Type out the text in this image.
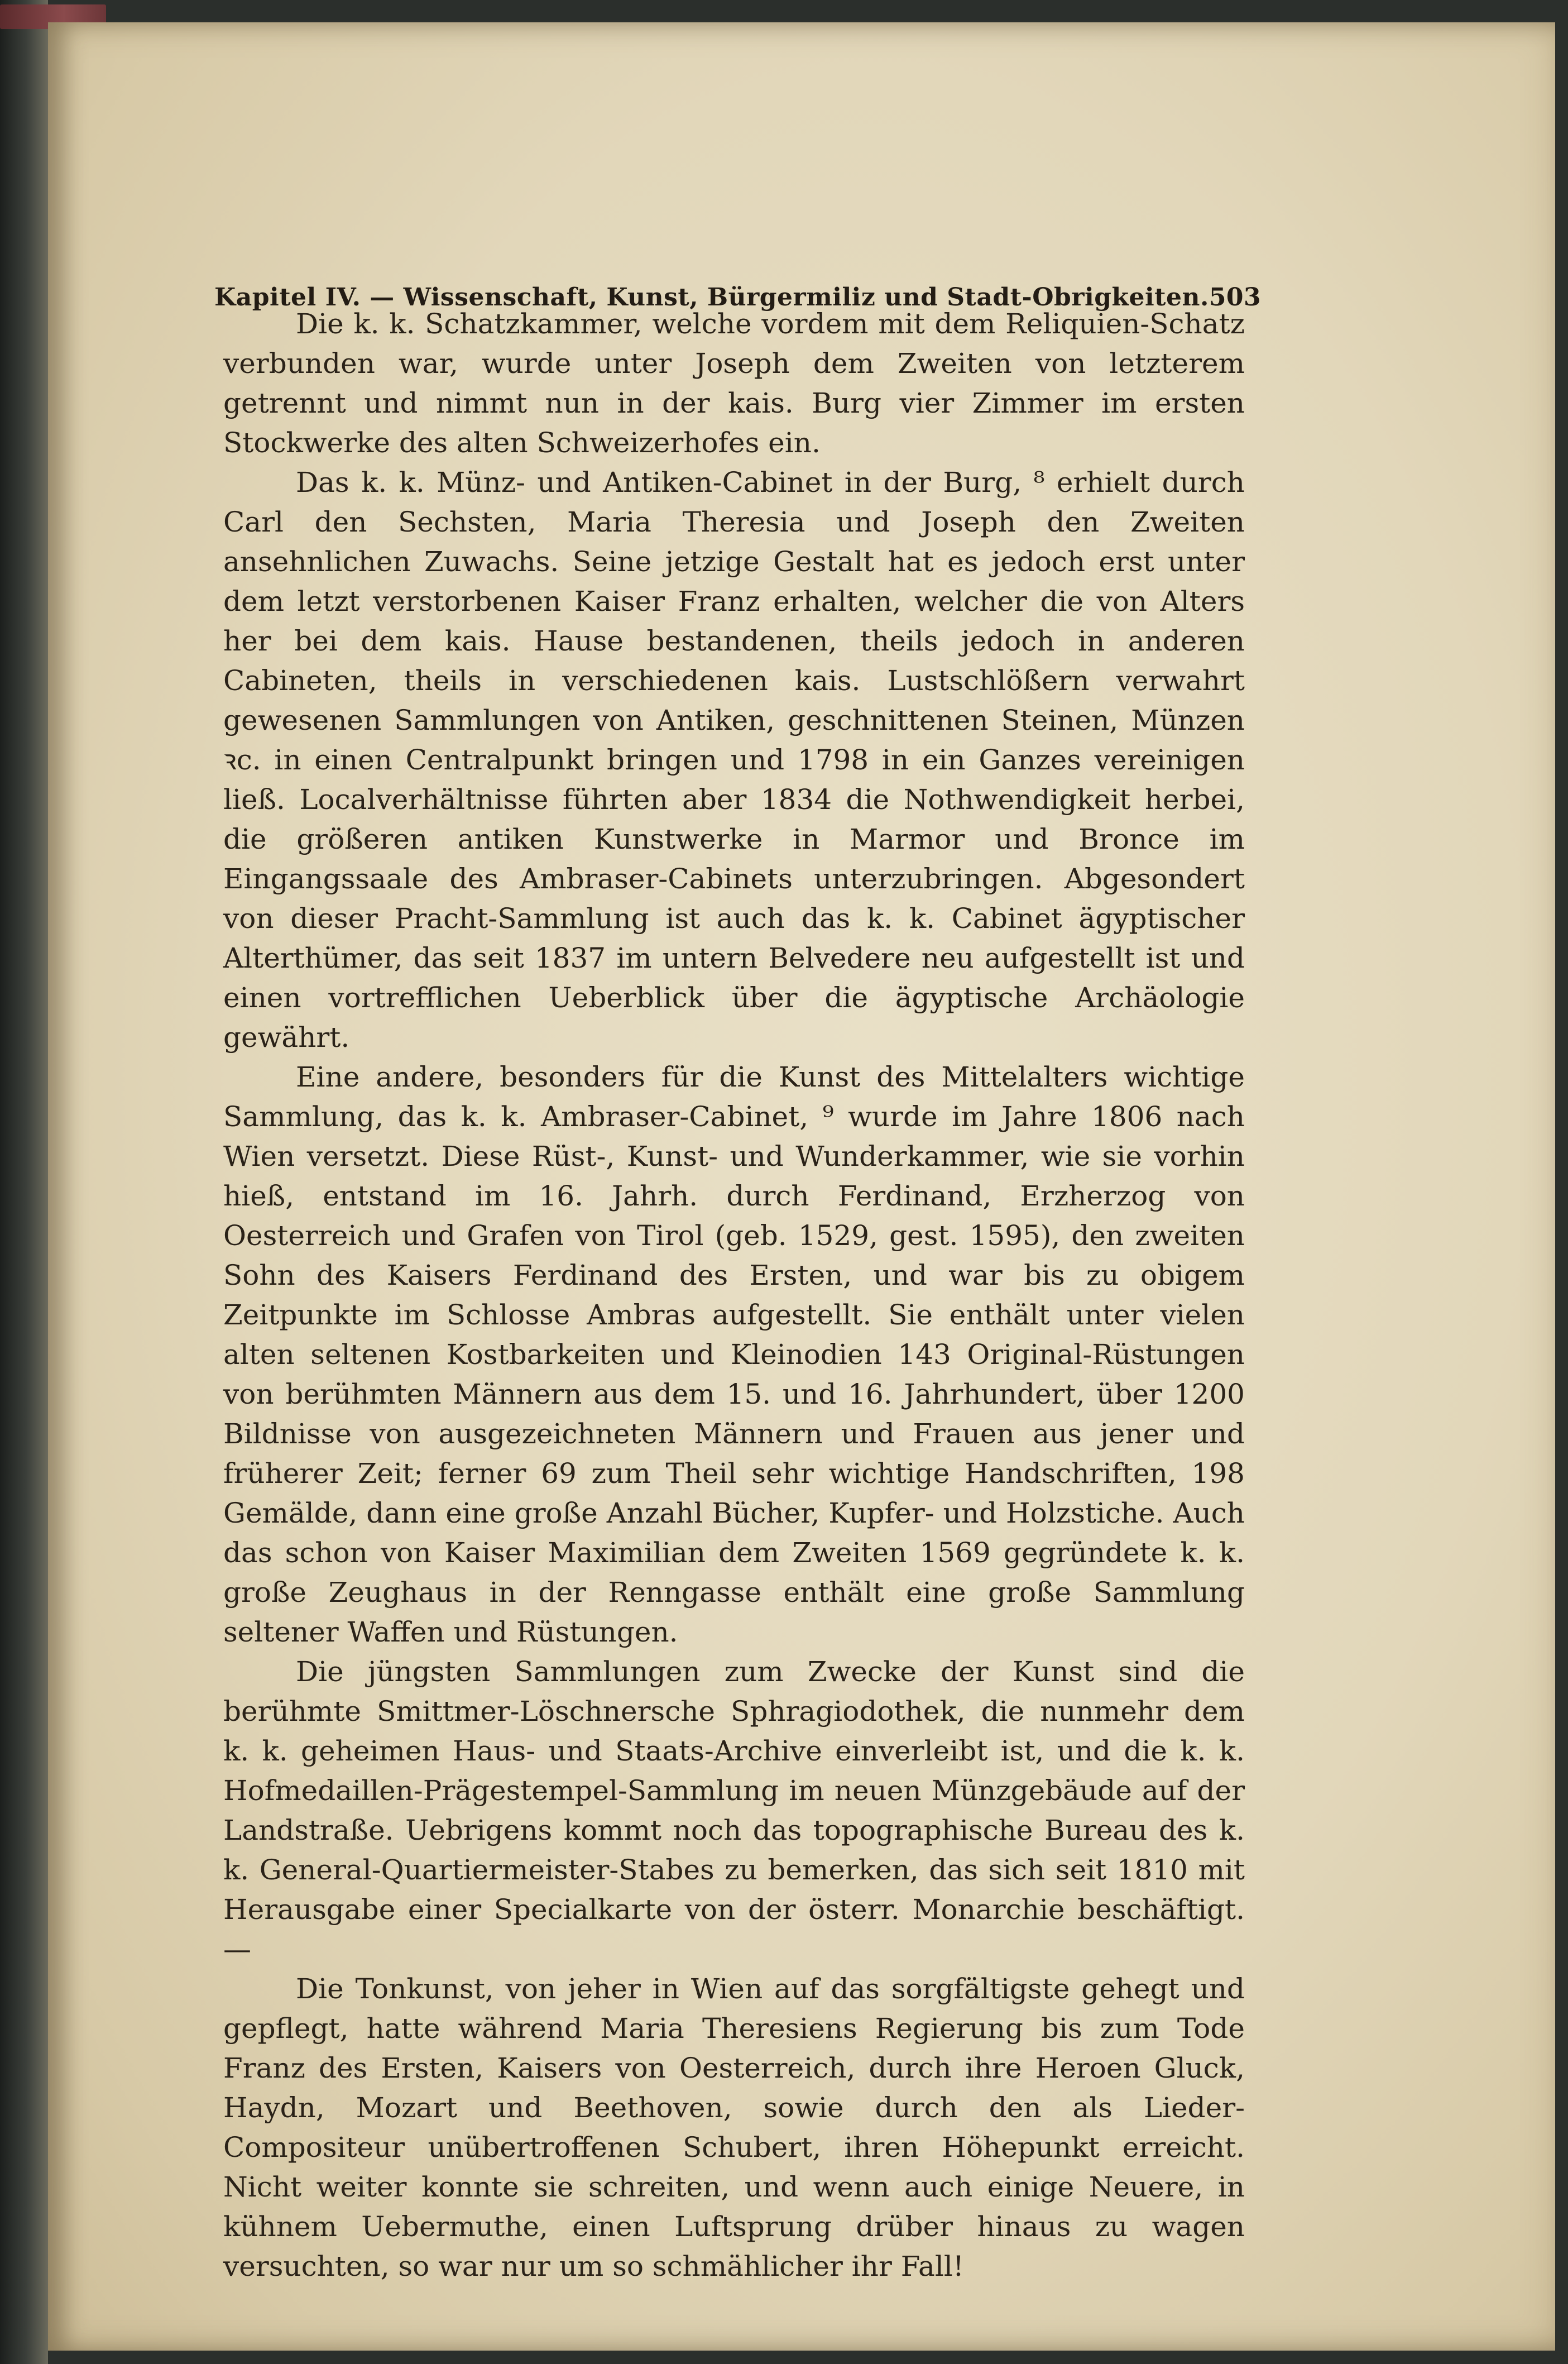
Kapitel IV. — Wissenschaft, Kunst, Bürgermiliz und Stadt-Obrigkeiten. 503

Die k. k. Schatzkammer, welche vordem mit dem Reliquien-Schatz verbunden war, wurde unter Joseph dem Zweiten von letzterem getrennt und nimmt nun in der kais. Burg vier Zimmer im ersten Stockwerke des alten Schweizerhofes ein.

Das k. k. Münz- und Antiken-Cabinet in der Burg, ⁸ erhielt durch Carl den Sechsten, Maria Theresia und Joseph den Zweiten ansehnlichen Zuwachs. Seine jetzige Gestalt hat es jedoch erst unter dem letzt verstorbenen Kaiser Franz erhalten, welcher die von Alters her bei dem kais. Hause bestandenen, theils jedoch in anderen Cabineten, theils in verschiedenen kais. Lustschlößern verwahrt gewesenen Sammlungen von Antiken, geschnittenen Steinen, Münzen ꝛc. in einen Centralpunkt bringen und 1798 in ein Ganzes vereinigen ließ. Localverhältnisse führten aber 1834 die Nothwendigkeit herbei, die größeren antiken Kunstwerke in Marmor und Bronce im Eingangssaale des Ambraser-Cabinets unterzubringen. Abgesondert von dieser Pracht-Sammlung ist auch das k. k. Cabinet ägyptischer Alterthümer, das seit 1837 im untern Belvedere neu aufgestellt ist und einen vortrefflichen Ueberblick über die ägyptische Archäologie gewährt.

Eine andere, besonders für die Kunst des Mittelalters wichtige Sammlung, das k. k. Ambraser-Cabinet, ⁹ wurde im Jahre 1806 nach Wien versetzt. Diese Rüst-, Kunst- und Wunderkammer, wie sie vorhin hieß, entstand im 16. Jahrh. durch Ferdinand, Erzherzog von Oesterreich und Grafen von Tirol (geb. 1529, gest. 1595), den zweiten Sohn des Kaisers Ferdinand des Ersten, und war bis zu obigem Zeitpunkte im Schlosse Ambras aufgestellt. Sie enthält unter vielen alten seltenen Kostbarkeiten und Kleinodien 143 Original-Rüstungen von berühmten Männern aus dem 15. und 16. Jahrhundert, über 1200 Bildnisse von ausgezeichneten Männern und Frauen aus jener und früherer Zeit; ferner 69 zum Theil sehr wichtige Handschriften, 198 Gemälde, dann eine große Anzahl Bücher, Kupfer- und Holzstiche. Auch das schon von Kaiser Maximilian dem Zweiten 1569 gegründete k. k. große Zeughaus in der Renngasse enthält eine große Sammlung seltener Waffen und Rüstungen.

Die jüngsten Sammlungen zum Zwecke der Kunst sind die berühmte Smittmer-Löschnersche Sphragiodothek, die nunmehr dem k. k. geheimen Haus- und Staats-Archive einverleibt ist, und die k. k. Hofmedaillen-Prägestempel-Sammlung im neuen Münzgebäude auf der Landstraße. Uebrigens kommt noch das topographische Bureau des k. k. General-Quartiermeister-Stabes zu bemerken, das sich seit 1810 mit Herausgabe einer Specialkarte von der österr. Monarchie beschäftigt. —

Die Tonkunst, von jeher in Wien auf das sorgfältigste gehegt und gepflegt, hatte während Maria Theresiens Regierung bis zum Tode Franz des Ersten, Kaisers von Oesterreich, durch ihre Heroen Gluck, Haydn, Mozart und Beethoven, sowie durch den als Lieder-Compositeur unübertroffenen Schubert, ihren Höhepunkt erreicht. Nicht weiter konnte sie schreiten, und wenn auch einige Neuere, in kühnem Uebermuthe, einen Luftsprung drüber hinaus zu wagen versuchten, so war nur um so schmählicher ihr Fall!
